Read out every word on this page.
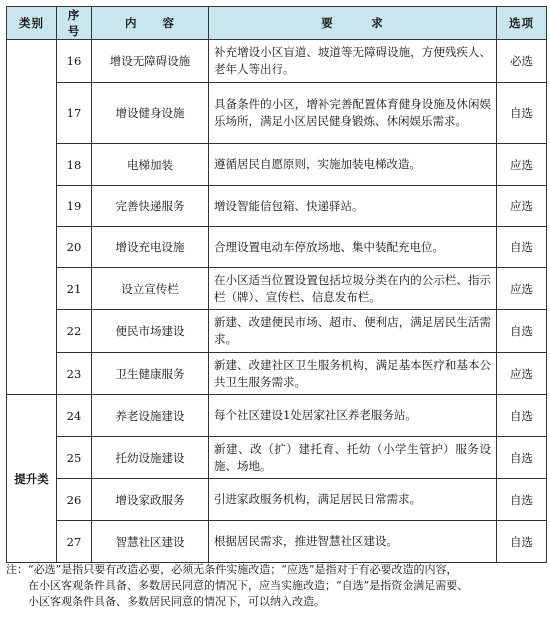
类别	序号	内　　容	要　　　求	选项
	16	增设无障碍设施	补充增设小区盲道、坡道等无障碍设施，方便残疾人、老年人等出行。	必选
	17	增设健身设施	具备条件的小区，增补完善配置体育健身设施及休闲娱乐场所，满足小区居民健身锻炼、休闲娱乐需求。	自选
	18	电梯加装	遵循居民自愿原则，实施加装电梯改造。	应选
	19	完善快递服务	增设智能信包箱、快递驿站。	应选
	20	增设充电设施	合理设置电动车停放场地、集中装配充电位。	自选
	21	设立宣传栏	在小区适当位置设置包括垃圾分类在内的公示栏、指示栏（牌）、宣传栏、信息发布栏。	应选
	22	便民市场建设	新建、改建便民市场、超市、便利店，满足居民生活需求。	自选
	23	卫生健康服务	新建、改建社区卫生服务机构，满足基本医疗和基本公共卫生服务需求。	应选
提升类	24	养老设施建设	每个社区建设1处居家社区养老服务站。	自选
	25	托幼设施建设	新建、改（扩）建托育、托幼（小学生管护）服务设施、场地。	自选
	26	增设家政服务	引进家政服务机构，满足居民日常需求。	自选
	27	智慧社区建设	根据居民需求，推进智慧社区建设。	自选
注：“必选”是指只要有改造必要，必须无条件实施改造；“应选”是指对于有必要改造的内容，
在小区客观条件具备、多数居民同意的情况下，应当实施改造；“自选”是指资金满足需要、
小区客观条件具备、多数居民同意的情况下，可以纳入改造。
